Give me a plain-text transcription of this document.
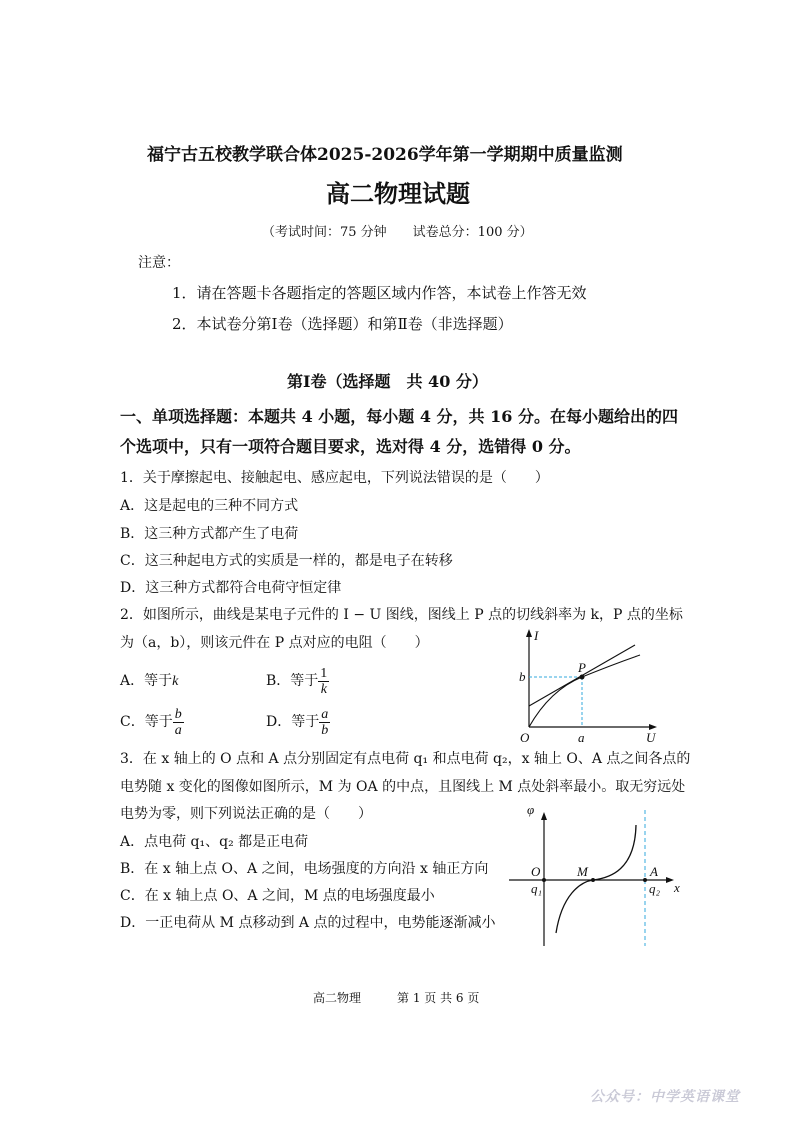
福宁古五校教学联合体2025-2026学年第一学期期中质量监测
高二物理试题
（考试时间：75 分钟　　试卷总分：100 分）
注意：
1．请在答题卡各题指定的答题区域内作答，本试卷上作答无效
2．本试卷分第Ⅰ卷（选择题）和第Ⅱ卷（非选择题）
第Ⅰ卷（选择题　共 40 分）
一、单项选择题：本题共 4 小题，每小题 4 分，共 16 分。在每小题给出的四
个选项中，只有一项符合题目要求，选对得 4 分，选错得 0 分。
1．关于摩擦起电、接触起电、感应起电，下列说法错误的是（　　）
A．这是起电的三种不同方式
B．这三种方式都产生了电荷
C．这三种起电方式的实质是一样的，都是电子在转移
D．这三种方式都符合电荷守恒定律
2．如图所示，曲线是某电子元件的 I − U 图线，图线上 P 点的切线斜率为 k，P 点的坐标
为（a，b），则该元件在 P 点对应的电阻（　　）
A．等于k	B．等于 $\frac{1}{k}$
C．等于 $\frac{b}{a}$	D．等于 $\frac{a}{b}$
I
U
O
P
a
b
3．在 x 轴上的 O 点和 A 点分别固定有点电荷 q₁ 和点电荷 q₂，x 轴上 O、A 点之间各点的
电势随 x 变化的图像如图所示，M 为 OA 的中点，且图线上 M 点处斜率最小。取无穷远处
电势为零，则下列说法正确的是（　　）
A．点电荷 q₁、q₂ 都是正电荷
B．在 x 轴上点 O、A 之间，电场强度的方向沿 x 轴正方向
C．在 x 轴上点 O、A 之间，M 点的电场强度最小
D．一正电荷从 M 点移动到 A 点的过程中，电势能逐渐减小
φ
O	M	A
q₁	q₂ x
高二物理　　　第 1 页 共 6 页
公众号：中学英语课堂
